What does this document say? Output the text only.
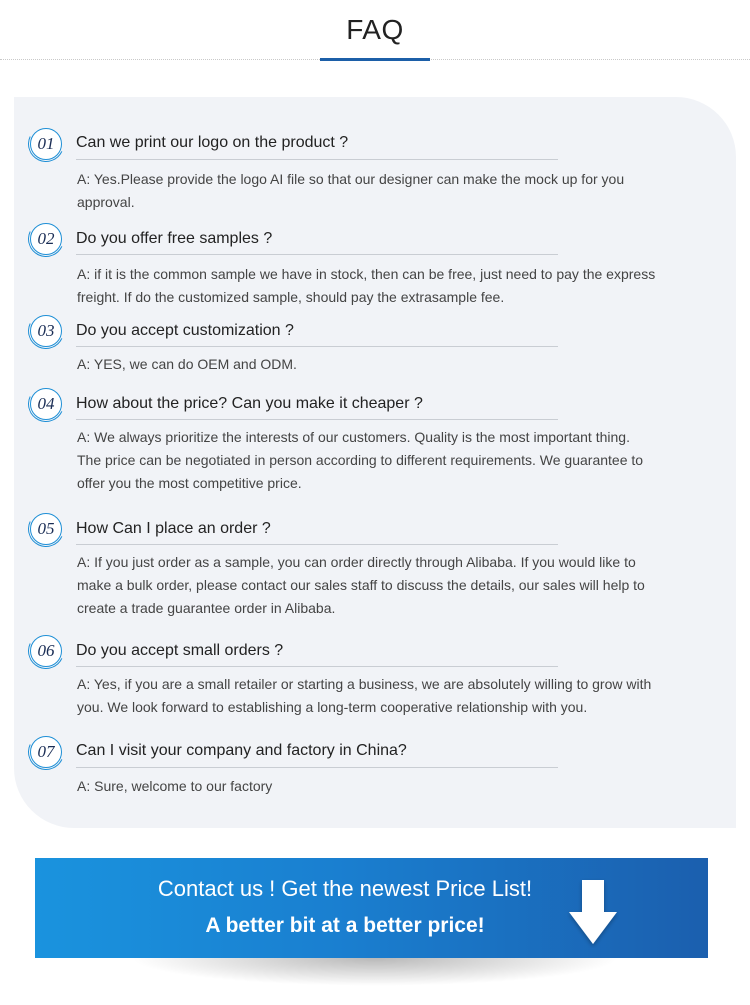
FAQ
01	Can we print our logo on the product ?
A: Yes.Please provide the logo AI file so that our designer can make the mock up for you
approval.
02	Do you offer free samples ?
A: if it is the common sample we have in stock, then can be free, just need to pay the express
freight. If do the customized sample, should pay the extrasample fee.
03	Do you accept customization ?
A: YES, we can do OEM and ODM.
04	How about the price? Can you make it cheaper ?
A: We always prioritize the interests of our customers. Quality is the most important thing.
The price can be negotiated in person according to different requirements. We guarantee to
offer you the most competitive price.
05	How Can I place an order ?
A: If you just order as a sample, you can order directly through Alibaba. If you would like to
make a bulk order, please contact our sales staff to discuss the details, our sales will help to
create a trade guarantee order in Alibaba.
06	Do you accept small orders ?
A: Yes, if you are a small retailer or starting a business, we are absolutely willing to grow with
you. We look forward to establishing a long-term cooperative relationship with you.
07	Can I visit your company and factory in China?
A: Sure, welcome to our factory
Contact us ! Get the newest Price List!
A better bit at a better price!
